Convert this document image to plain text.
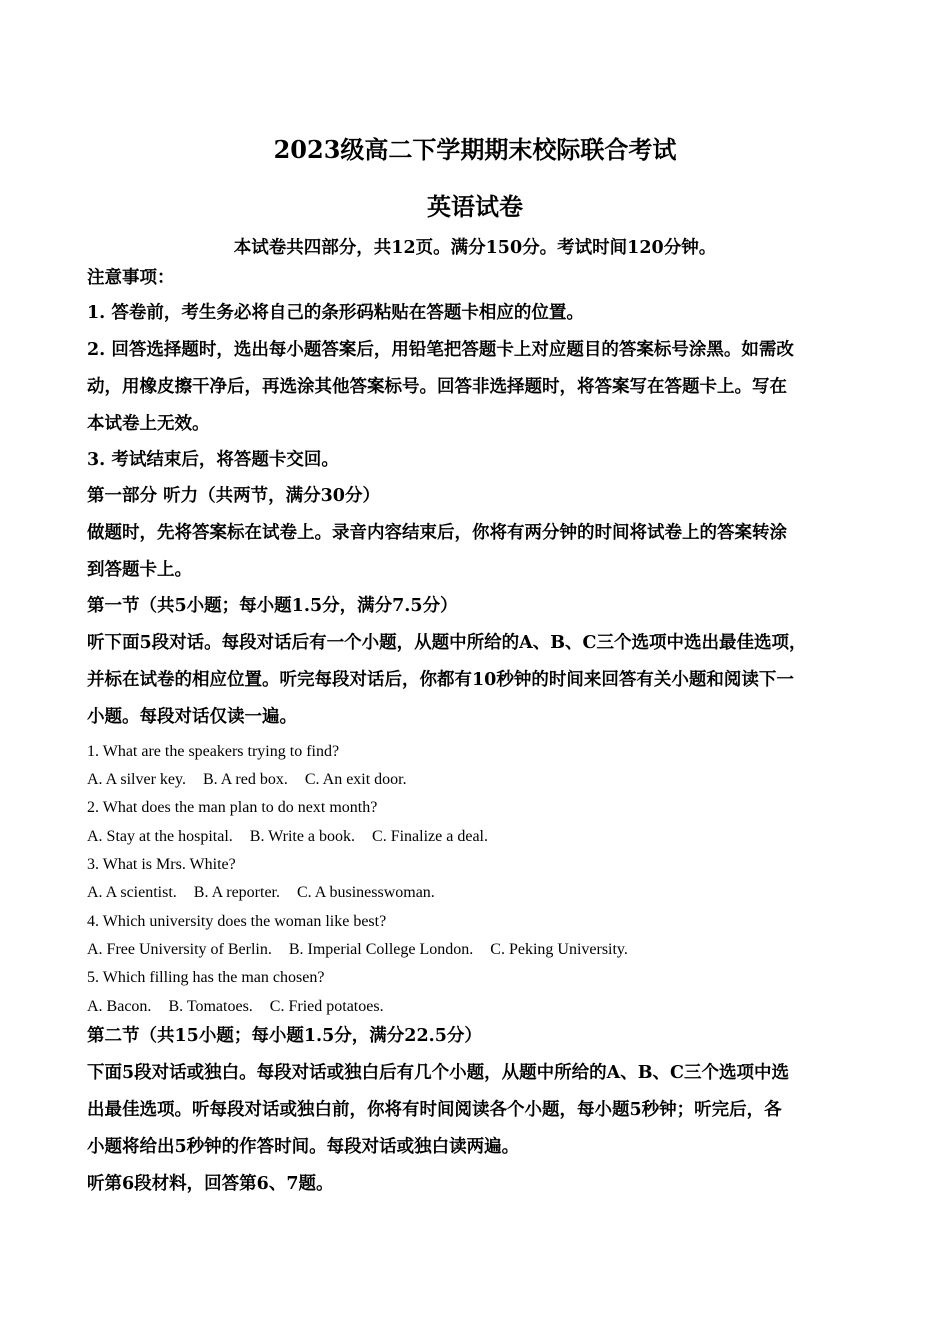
2023级高二下学期期末校际联合考试
英语试卷
本试卷共四部分，共12页。满分150分。考试时间120分钟。
注意事项：
1. 答卷前，考生务必将自己的条形码粘贴在答题卡相应的位置。
2. 回答选择题时，选出每小题答案后，用铅笔把答题卡上对应题目的答案标号涂黑。如需改
动，用橡皮擦干净后，再选涂其他答案标号。回答非选择题时，将答案写在答题卡上。写在
本试卷上无效。
3. 考试结束后，将答题卡交回。
第一部分 听力（共两节，满分30分）
做题时，先将答案标在试卷上。录音内容结束后，你将有两分钟的时间将试卷上的答案转涂
到答题卡上。
第一节（共5小题；每小题1.5分，满分7.5分）
听下面5段对话。每段对话后有一个小题，从题中所给的A、B、C三个选项中选出最佳选项，
并标在试卷的相应位置。听完每段对话后，你都有10秒钟的时间来回答有关小题和阅读下一
小题。每段对话仅读一遍。
1. What are the speakers trying to find?
A. A silver key. B. A red box. C. An exit door.
2. What does the man plan to do next month?
A. Stay at the hospital. B. Write a book. C. Finalize a deal.
3. What is Mrs. White?
A. A scientist. B. A reporter. C. A businesswoman.
4. Which university does the woman like best?
A. Free University of Berlin. B. Imperial College London. C. Peking University.
5. Which filling has the man chosen?
A. Bacon. B. Tomatoes. C. Fried potatoes.
第二节（共15小题；每小题1.5分，满分22.5分）
下面5段对话或独白。每段对话或独白后有几个小题，从题中所给的A、B、C三个选项中选
出最佳选项。听每段对话或独白前，你将有时间阅读各个小题，每小题5秒钟；听完后，各
小题将给出5秒钟的作答时间。每段对话或独白读两遍。
听第6段材料，回答第6、7题。
